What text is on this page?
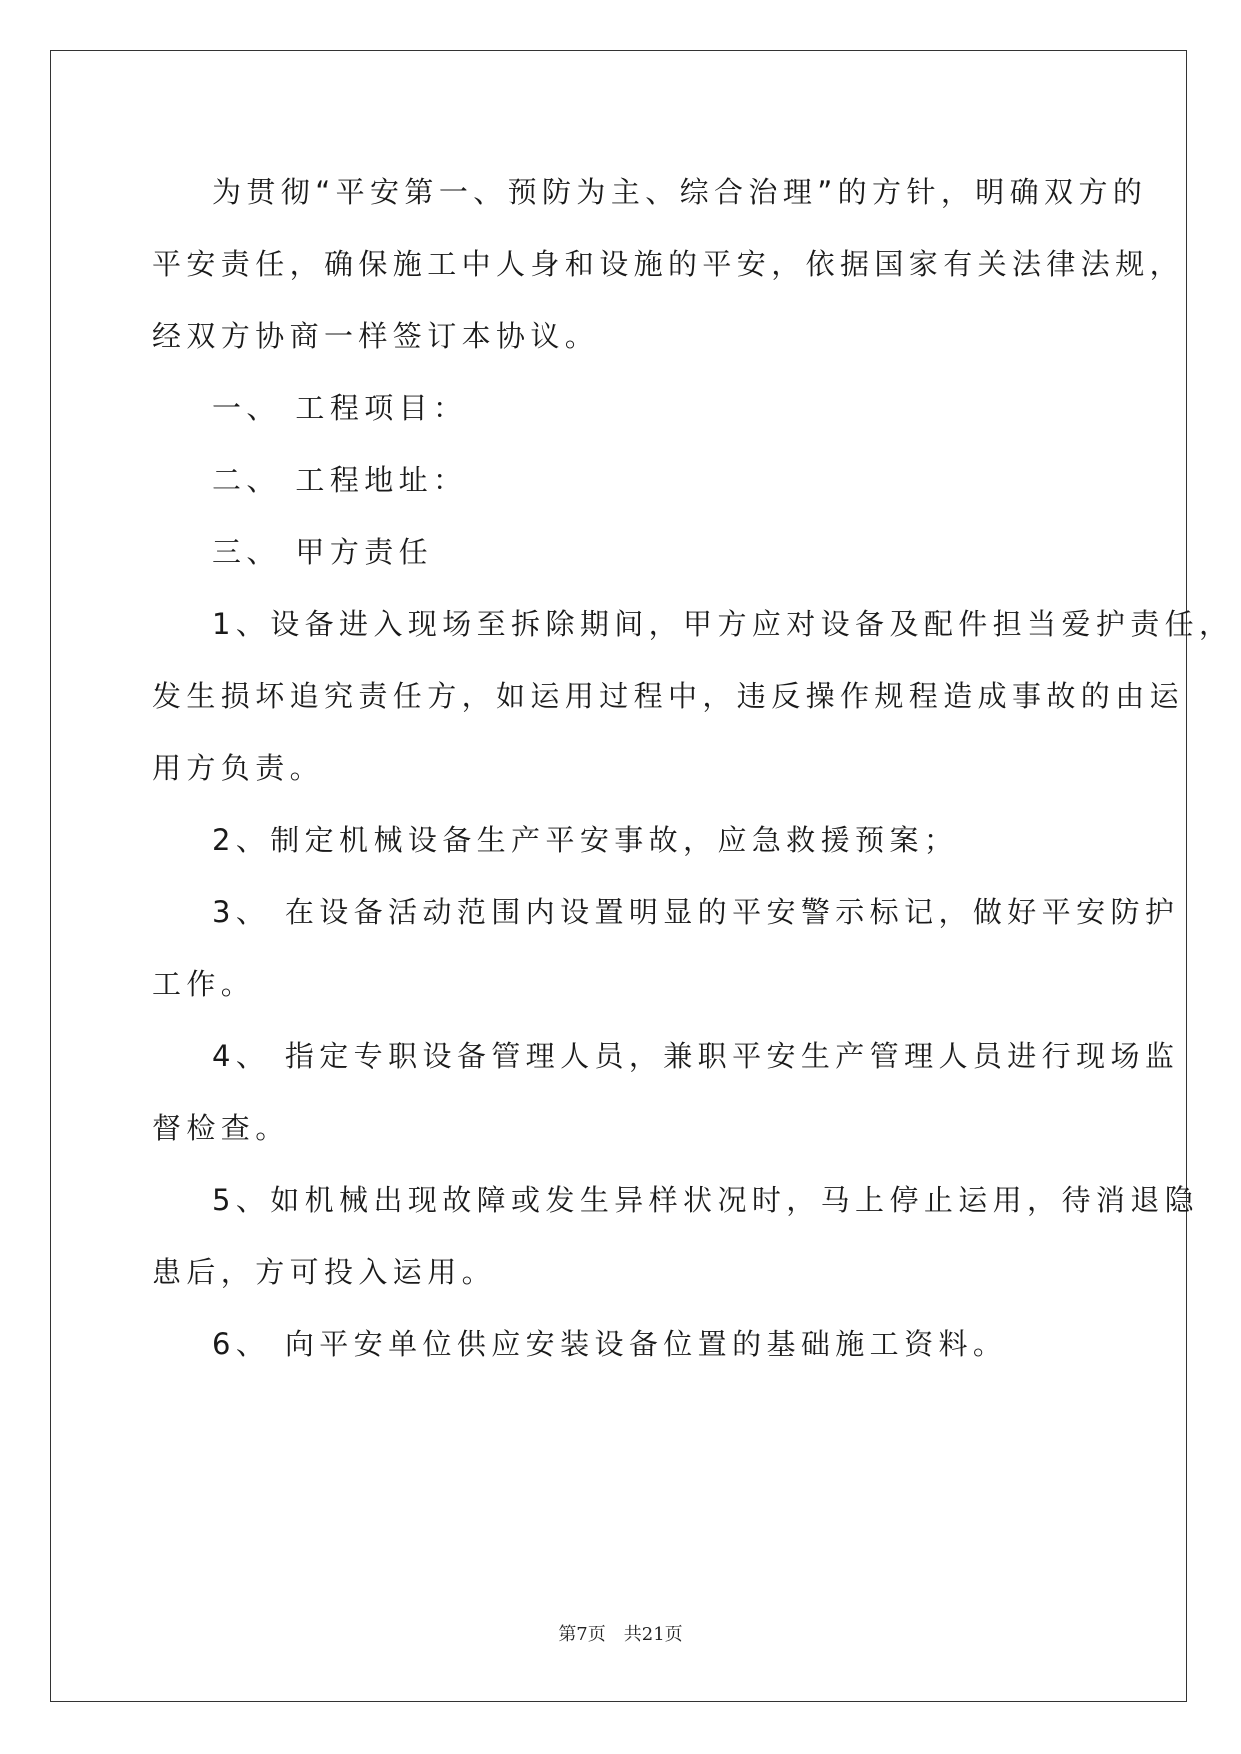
为贯彻“平安第一、预防为主、综合治理”的方针，明确双方的
平安责任，确保施工中人身和设施的平安，依据国家有关法律法规，
经双方协商一样签订本协议。
一、 工程项目：
二、 工程地址：
三、 甲方责任
1、设备进入现场至拆除期间，甲方应对设备及配件担当爱护责任，
发生损坏追究责任方，如运用过程中，违反操作规程造成事故的由运
用方负责。
2、制定机械设备生产平安事故，应急救援预案；
3、 在设备活动范围内设置明显的平安警示标记，做好平安防护
工作。
4、 指定专职设备管理人员，兼职平安生产管理人员进行现场监
督检查。
5、如机械出现故障或发生异样状况时，马上停止运用，待消退隐
患后，方可投入运用。
6、 向平安单位供应安装设备位置的基础施工资料。
第7页 共21页
